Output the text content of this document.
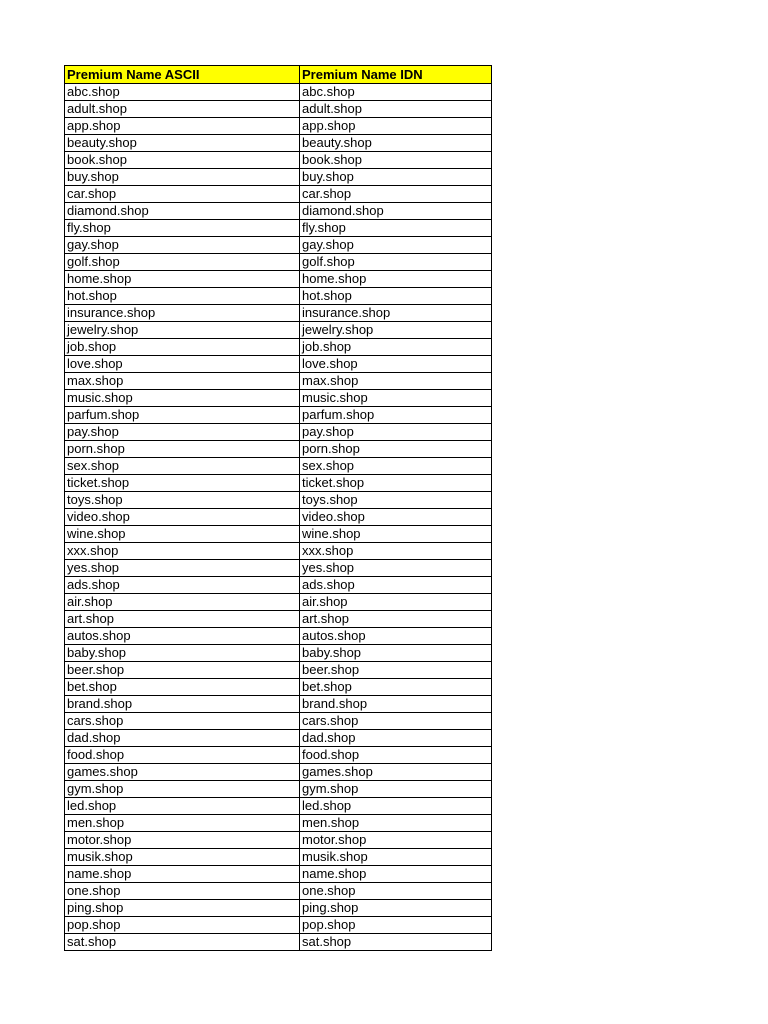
Premium Name ASCII	Premium Name IDN
abc.shop	abc.shop
adult.shop	adult.shop
app.shop	app.shop
beauty.shop	beauty.shop
book.shop	book.shop
buy.shop	buy.shop
car.shop	car.shop
diamond.shop	diamond.shop
fly.shop	fly.shop
gay.shop	gay.shop
golf.shop	golf.shop
home.shop	home.shop
hot.shop	hot.shop
insurance.shop	insurance.shop
jewelry.shop	jewelry.shop
job.shop	job.shop
love.shop	love.shop
max.shop	max.shop
music.shop	music.shop
parfum.shop	parfum.shop
pay.shop	pay.shop
porn.shop	porn.shop
sex.shop	sex.shop
ticket.shop	ticket.shop
toys.shop	toys.shop
video.shop	video.shop
wine.shop	wine.shop
xxx.shop	xxx.shop
yes.shop	yes.shop
ads.shop	ads.shop
air.shop	air.shop
art.shop	art.shop
autos.shop	autos.shop
baby.shop	baby.shop
beer.shop	beer.shop
bet.shop	bet.shop
brand.shop	brand.shop
cars.shop	cars.shop
dad.shop	dad.shop
food.shop	food.shop
games.shop	games.shop
gym.shop	gym.shop
led.shop	led.shop
men.shop	men.shop
motor.shop	motor.shop
musik.shop	musik.shop
name.shop	name.shop
one.shop	one.shop
ping.shop	ping.shop
pop.shop	pop.shop
sat.shop	sat.shop
